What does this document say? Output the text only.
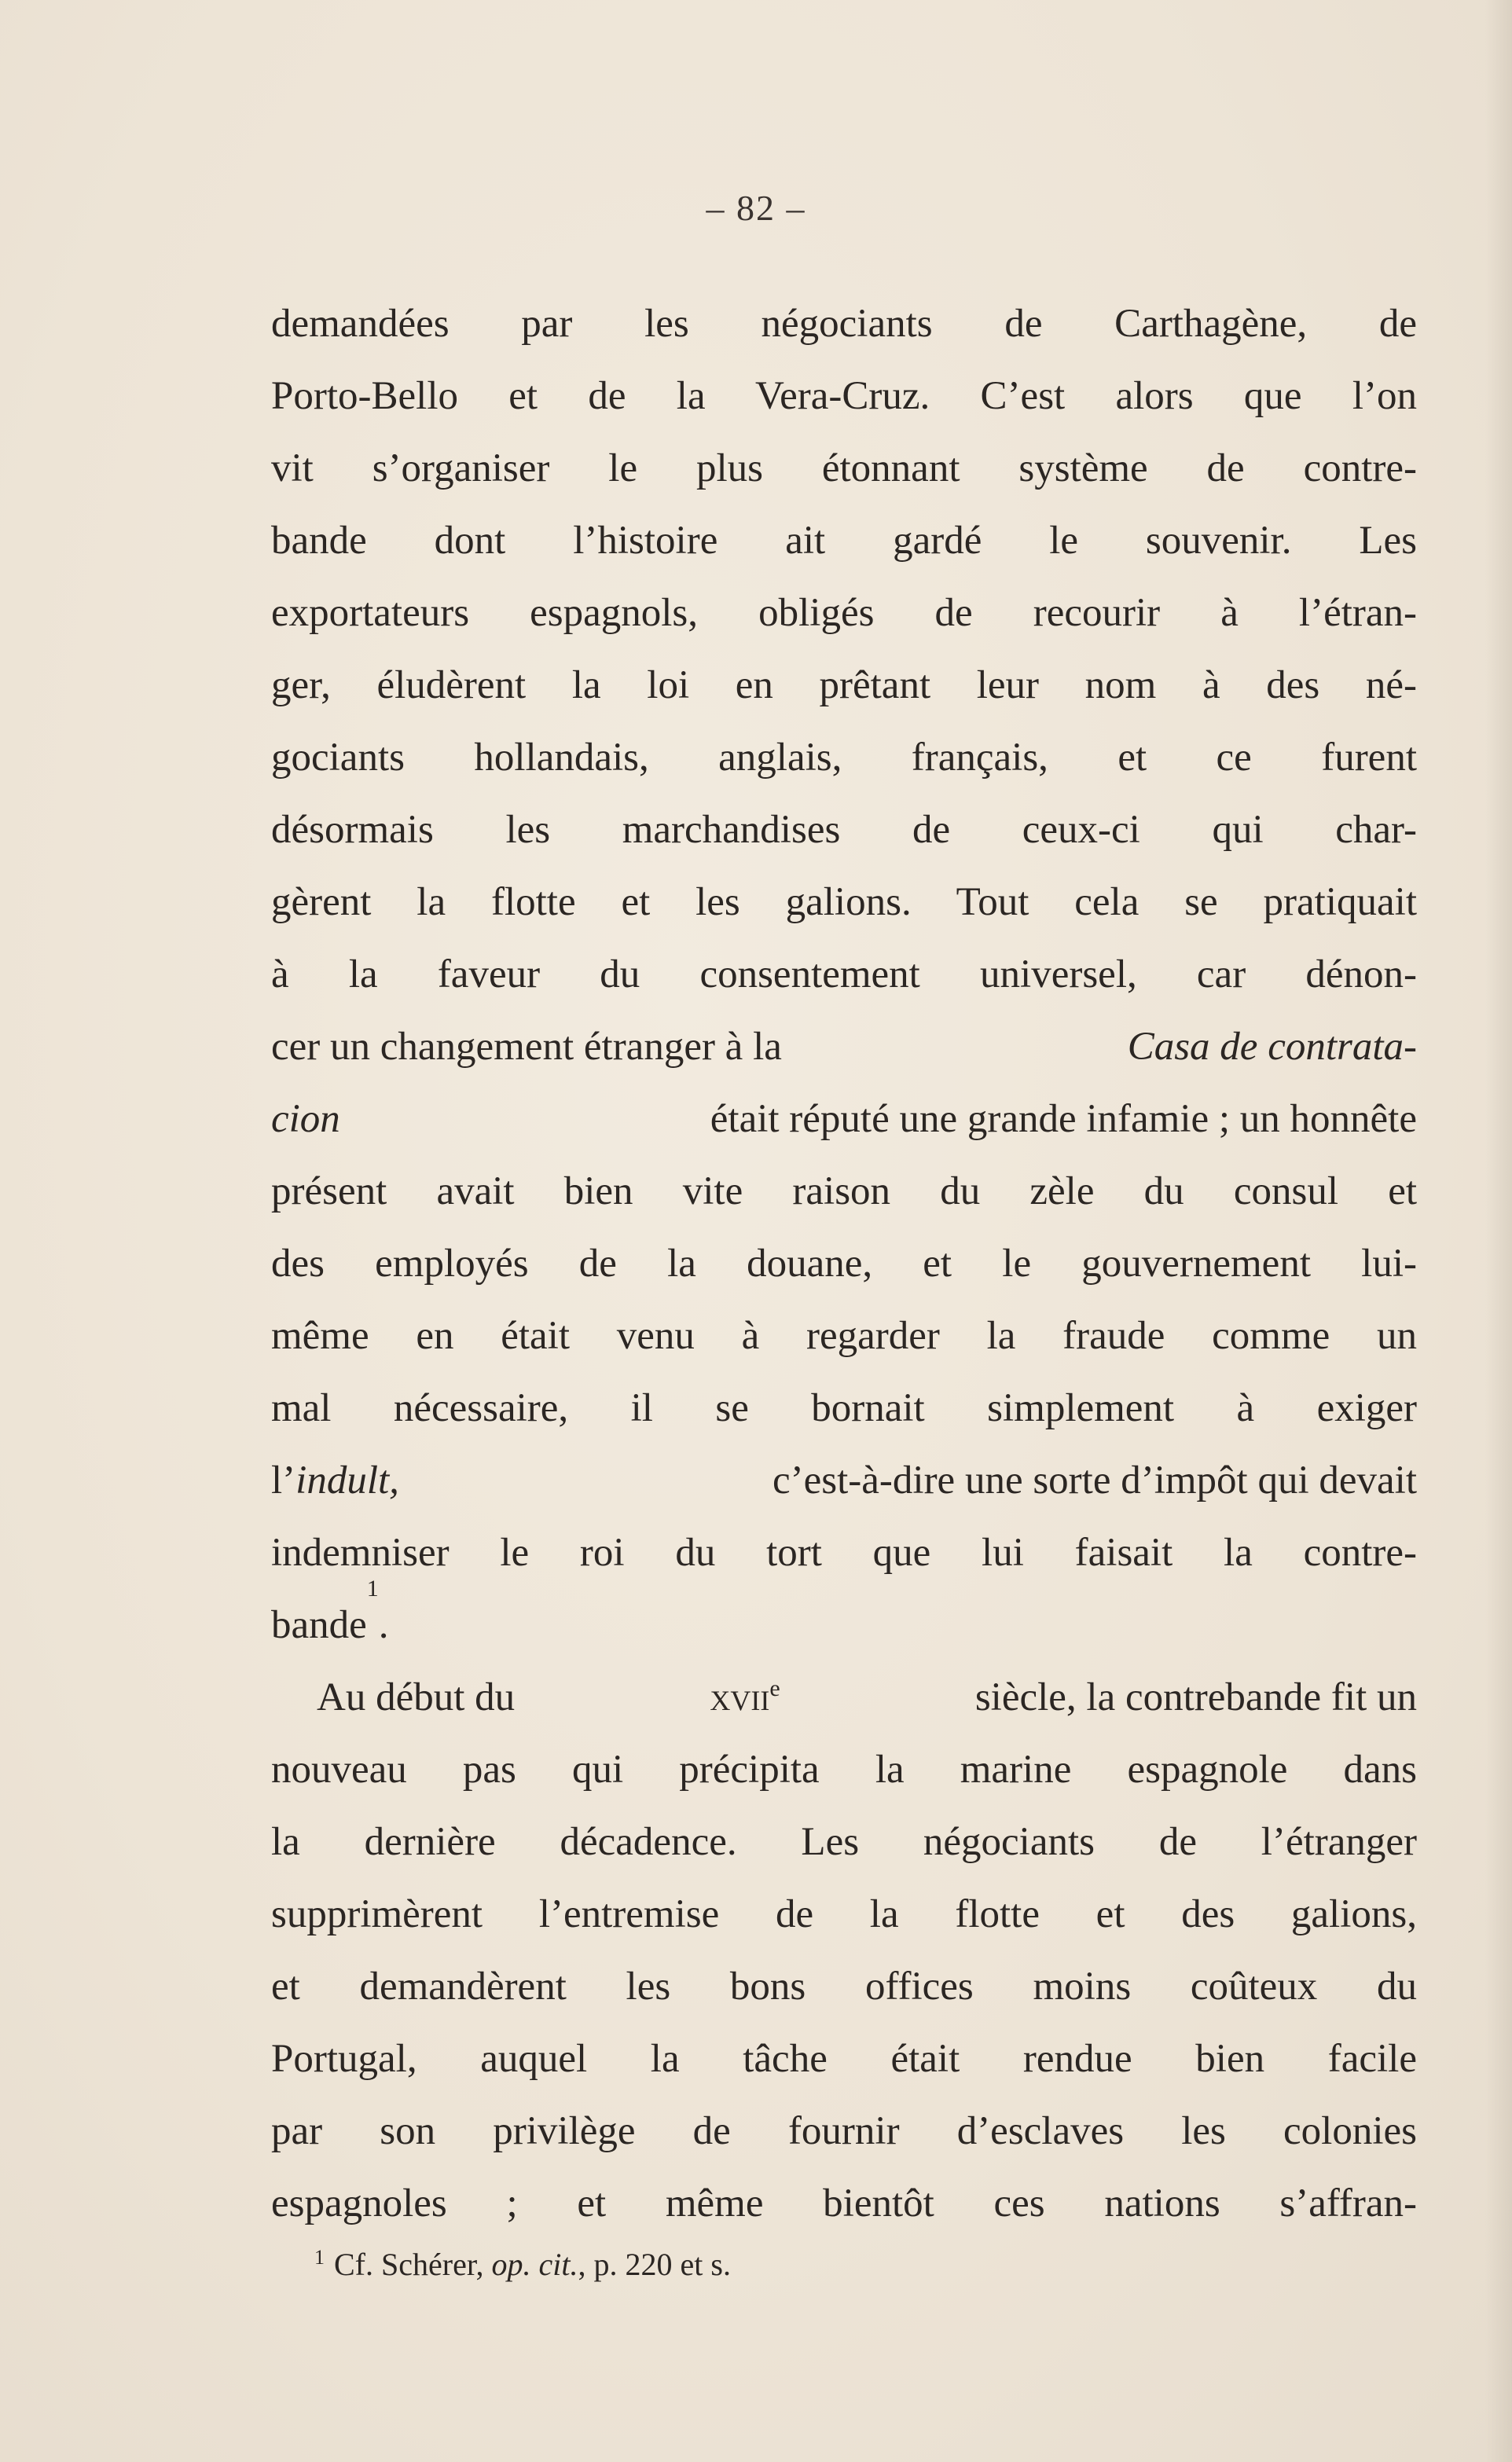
– 82 –
demandées par les négociants de Carthagène, de
Porto-Bello et de la Vera-Cruz. C’est alors que l’on
vit s’organiser le plus étonnant système de contre-
bande dont l’histoire ait gardé le souvenir. Les
exportateurs espagnols, obligés de recourir à l’étran-
ger, éludèrent la loi en prêtant leur nom à des né-
gociants hollandais, anglais, français, et ce furent
désormais les marchandises de ceux-ci qui char-
gèrent la flotte et les galions. Tout cela se pratiquait
à la faveur du consentement universel, car dénon-
cer un changement étranger à la	Casa de contrata-
cion	était réputé une grande infamie ; un honnête
présent avait bien vite raison du zèle du consul et
des employés de la douane, et le gouvernement lui-
même en était venu à regarder la fraude comme un
mal nécessaire, il se bornait simplement à exiger
l’indult,	c’est-à-dire une sorte d’impôt qui devait
indemniser le roi du tort que lui faisait la contre-
bande
1
.
Au début du	xvii$^e$	siècle, la contrebande fit un
nouveau pas qui précipita la marine espagnole dans
la dernière décadence. Les négociants de l’étranger
supprimèrent l’entremise de la flotte et des galions,
et demandèrent les bons offices moins coûteux du
Portugal, auquel la tâche était rendue bien facile
par son privilège de fournir d’esclaves les colonies
espagnoles ; et même bientôt ces nations s’affran-
$^1$ Cf. Schérer, op. cit., p. 220 et s.
